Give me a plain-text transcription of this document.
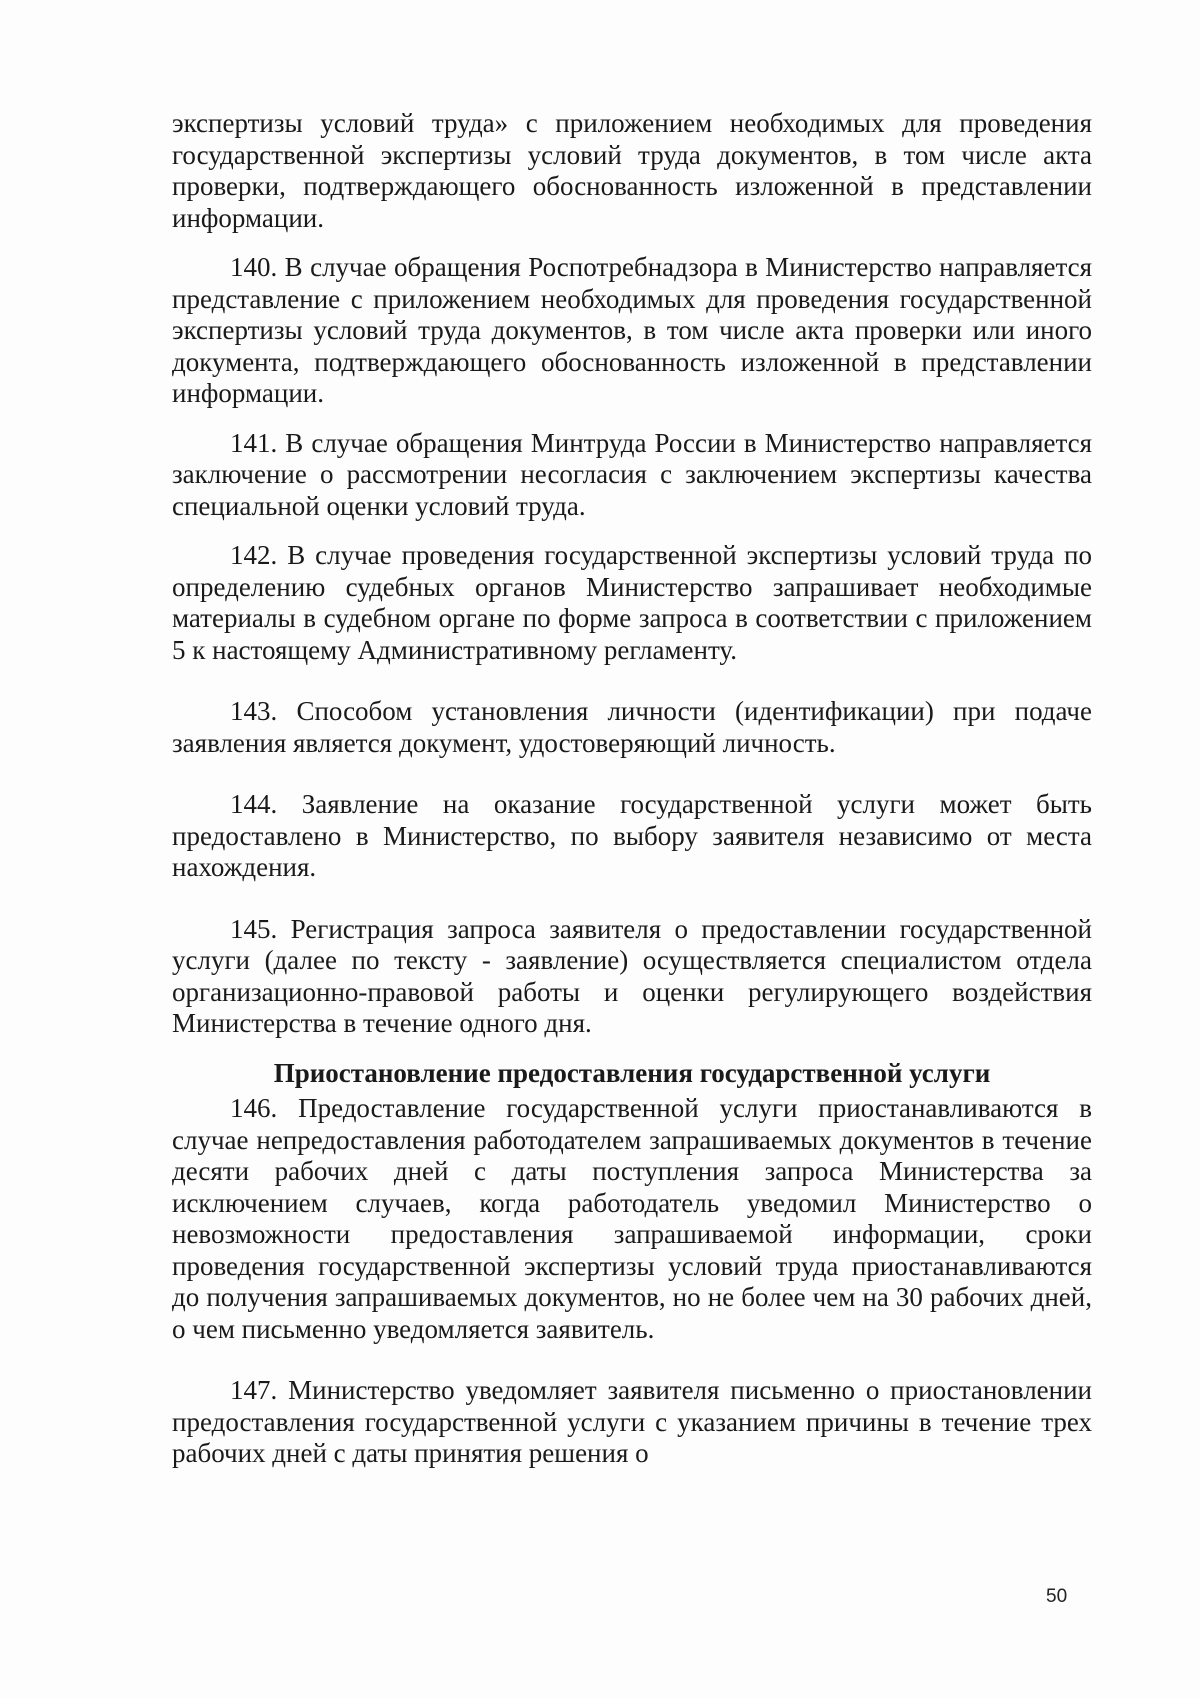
экспертизы условий труда» с приложением необходимых для проведения государственной экспертизы условий труда документов, в том числе акта проверки, подтверждающего обоснованность изложенной в представлении информации.

140. В случае обращения Роспотребнадзора в Министерство направляется представление с приложением необходимых для проведения государственной экспертизы условий труда документов, в том числе акта проверки или иного документа, подтверждающего обоснованность изложенной в представлении информации.

141. В случае обращения Минтруда России в Министерство направляется заключение о рассмотрении несогласия с заключением экспертизы качества специальной оценки условий труда.

142. В случае проведения государственной экспертизы условий труда по определению судебных органов Министерство запрашивает необходимые материалы в судебном органе по форме запроса в соответствии с приложением 5 к настоящему Административному регламенту.

143. Способом установления личности (идентификации) при подаче заявления является документ, удостоверяющий личность.

144. Заявление на оказание государственной услуги может быть предоставлено в Министерство, по выбору заявителя независимо от места нахождения.

145. Регистрация запроса заявителя о предоставлении государственной услуги (далее по тексту - заявление) осуществляется специалистом отдела организационно-правовой работы и оценки регулирующего воздействия Министерства в течение одного дня.

Приостановление предоставления государственной услуги

146. Предоставление государственной услуги приостанавливаются в случае непредоставления работодателем запрашиваемых документов в течение десяти рабочих дней с даты поступления запроса Министерства за исключением случаев, когда работодатель уведомил Министерство о невозможности предоставления запрашиваемой информации, сроки проведения государственной экспертизы условий труда приостанавливаются до получения запрашиваемых документов, но не более чем на 30 рабочих дней, о чем письменно уведомляется заявитель.

147. Министерство уведомляет заявителя письменно о приостановлении предоставления государственной услуги с указанием причины в течение трех рабочих дней с даты принятия решения о

50
